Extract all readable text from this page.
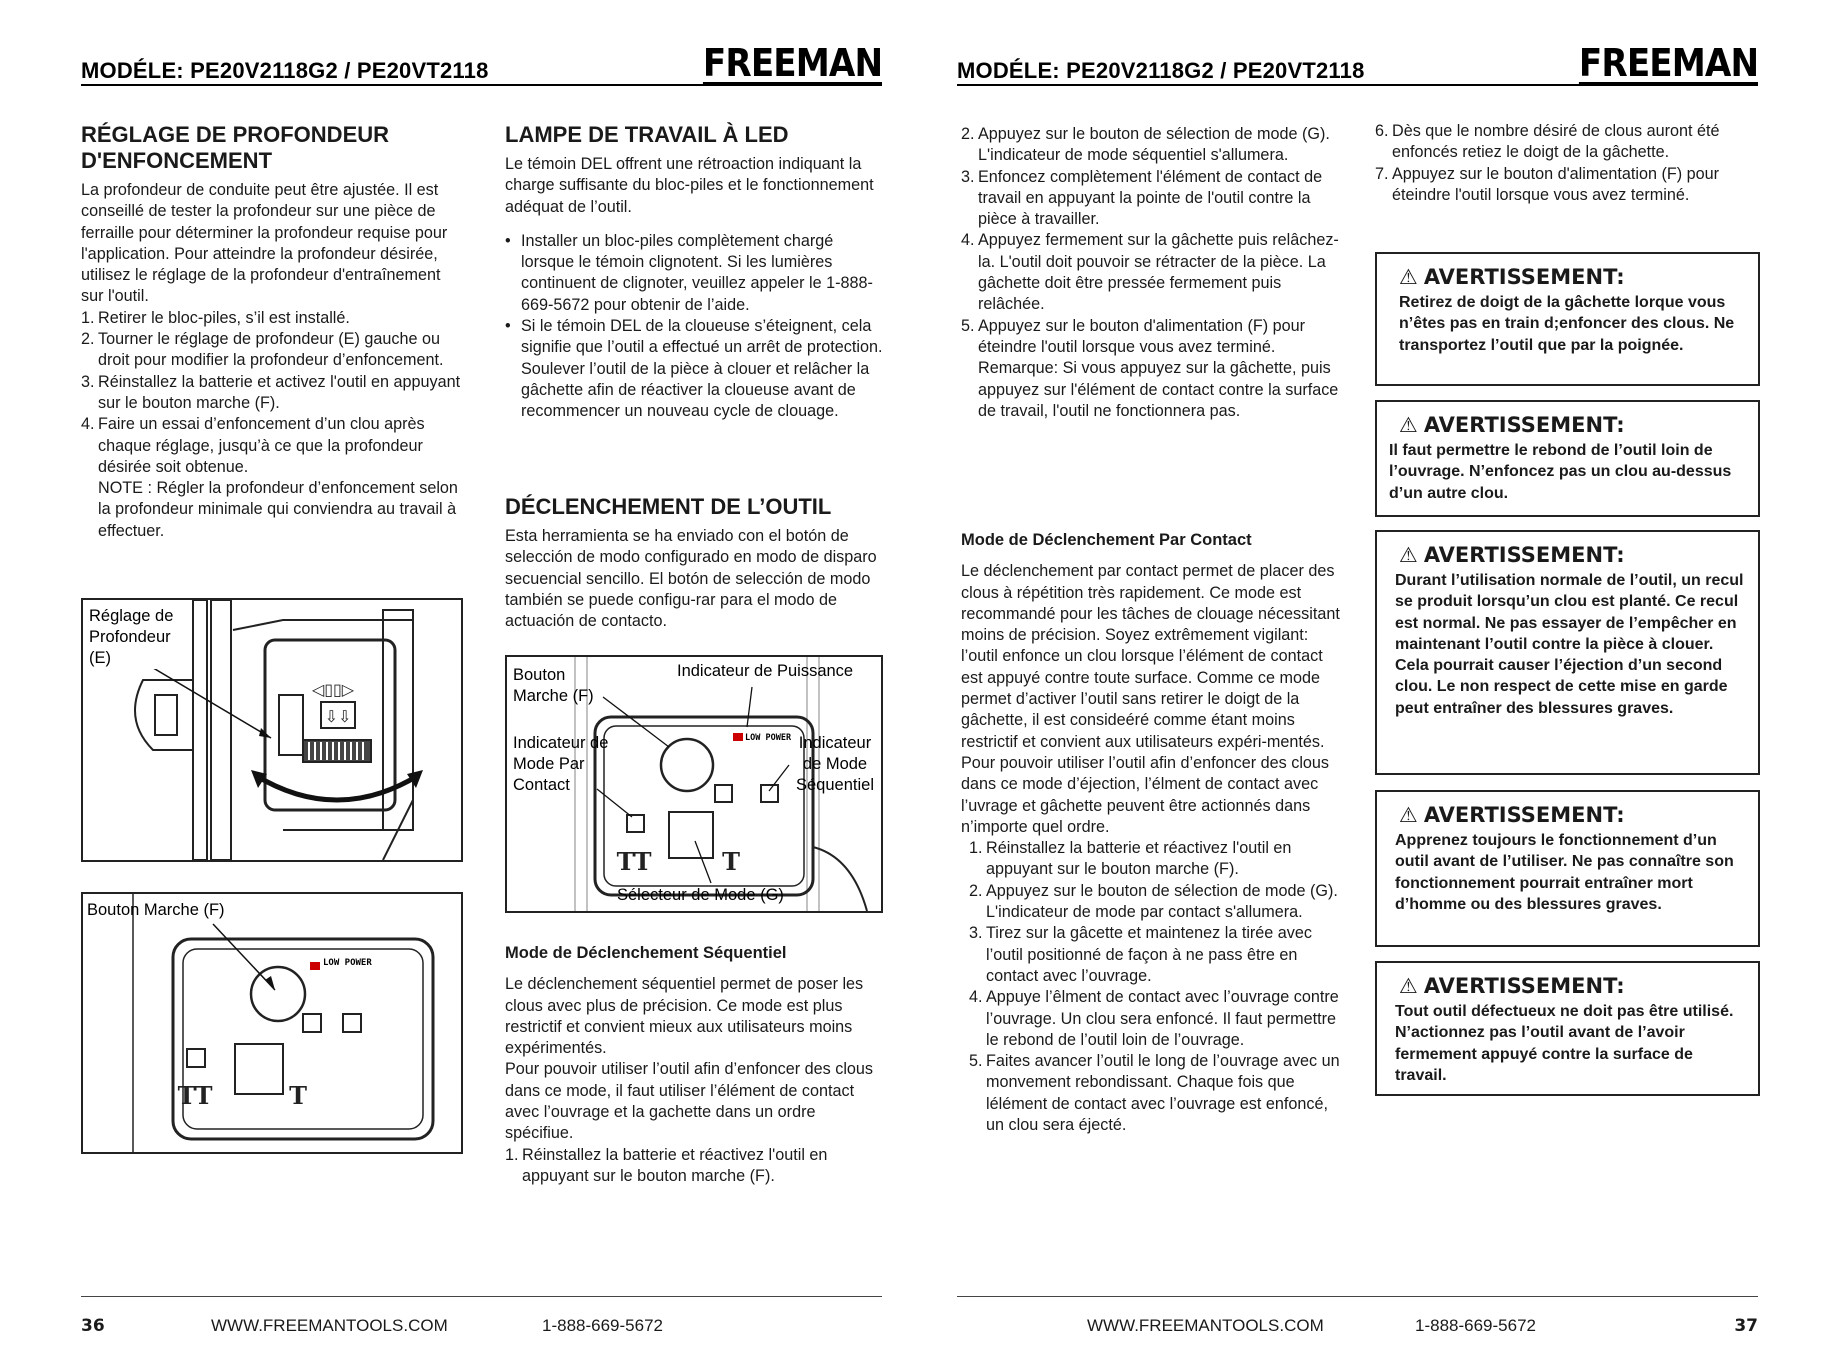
MODÉLE: PE20V2118G2 / PE20VT2118	FREEMAN
RÉGLAGE DE PROFONDEUR D'ENFONCEMENT

La profondeur de conduite peut être ajustée. Il est conseillé de tester la profondeur sur une pièce de ferraille pour déterminer la profondeur requise pour l'application. Pour atteindre la profondeur désirée, utilisez le réglage de la profondeur d'entraînement sur l'outil.

1. Retirer le bloc-piles, s’il est installé.
2. Tourner le réglage de profondeur (E) gauche ou droit pour modifier la profondeur d’enfoncement.
3. Réinstallez la batterie et activez l'outil en appuyant sur le bouton marche (F).
4. Faire un essai d’enfoncement d’un clou après chaque réglage, jusqu’à ce que la profondeur désirée soit obtenue.
NOTE : Régler la profondeur d’enfoncement selon la profondeur minimale qui conviendra au travail à effectuer.
◁▯▯▷
⇩⇩
Réglage de Profondeur (E)
TT	T
Bouton Marche (F)
LOW POWER
LAMPE DE TRAVAIL À LED

Le témoin DEL offrent une rétroaction indiquant la charge suffisante du bloc-piles et le fonctionnement adéquat de l’outil.

• Installer un bloc-piles complètement chargé lorsque le témoin clignotent. Si les lumières continuent de clignoter, veuillez appeler le 1-888-669-5672 pour obtenir de l’aide.
• Si le témoin DEL de la cloueuse s’éteignent, cela signifie que l’outil a effectué un arrêt de protection. Soulever l’outil de la pièce à clouer et relâcher la gâchette afin de réactiver la cloueuse avant de recommencer un nouveau cycle de clouage.
DÉCLENCHEMENT DE L’OUTIL

Esta herramienta se ha enviado con el botón de selección de modo configurado en modo de disparo secuencial sencillo. El botón de selección de modo también se puede configu-rar para el modo de actuación de contacto.

TT	T
Bouton Marche (F)
Indicateur de Puissance
Indicateur de Mode Par Contact
Indicateur de Mode Séquentiel
Sélecteur de Mode (G)
LOW POWER
Mode de Déclenchement Séquentiel

Le déclenchement séquentiel permet de poser les clous avec plus de précision. Ce mode est plus restrictif et convient mieux aux utilisateurs moins expérimentés.

Pour pouvoir utiliser l’outil afin d’enfoncer des clous dans ce mode, il faut utiliser l’élément de contact avec l’ouvrage et la gachette dans un ordre spécifiue.

1. Réinstallez la batterie et réactivez l'outil en appuyant sur le bouton marche (F).
36	WWW.FREEMANTOOLS.COM	1-888-669-5672
MODÉLE: PE20V2118G2 / PE20VT2118	FREEMAN
2. Appuyez sur le bouton de sélection de mode (G). L'indicateur de mode séquentiel s'allumera.
3. Enfoncez complètement l'élément de contact de travail en appuyant la pointe de l'outil contre la pièce à travailler.
4. Appuyez fermement sur la gâchette puis relâchez-la. L'outil doit pouvoir se rétracter de la pièce. La gâchette doit être pressée fermement puis relâchée.
5. Appuyez sur le bouton d'alimentation (F) pour éteindre l'outil lorsque vous avez terminé.
Remarque: Si vous appuyez sur la gâchette, puis appuyez sur l'élément de contact contre la surface de travail, l'outil ne fonctionnera pas.
Mode de Déclenchement Par Contact

Le déclenchement par contact permet de placer des clous à répétition très rapidement. Ce mode est recommandé pour les tâches de clouage nécessitant moins de précision. Soyez extrêmement vigilant: l’outil enfonce un clou lorsque l’élément de contact est appuyé contre toute surface. Comme ce mode permet d’activer l’outil sans retirer le doigt de la gâchette, il est consideéré comme étant moins restrictif et convient aux utilisateurs expéri-mentés.

Pour pouvoir utiliser l’outil afin d’enfoncer des clous dans ce mode d’éjection, l’élment de contact avec l’uvrage et gâchette peuvent être actionnés dans n’importe quel ordre.

1. Réinstallez la batterie et réactivez l'outil en appuyant sur le bouton marche (F).
2. Appuyez sur le bouton de sélection de mode (G). L'indicateur de mode par contact s'allumera.
3. Tirez sur la gâcette et maintenez la tirée avec l’outil positionné de façon à ne pass être en contact avec l’ouvrage.
4. Appuye l’êlment de contact avec l’ouvrage contre l’ouvrage. Un clou sera enfoncé. Il faut permettre le rebond de l’outil loin de l’ouvrage.
5. Faites avancer l’outil le long de l’ouvrage avec un monvement rebondissant. Chaque fois que lélément de contact avec l’ouvrage est enfoncé, un clou sera éjecté.
6. Dès que le nombre désiré de clous auront été enfoncés retiez le doigt de la gâchette.
7. Appuyez sur le bouton d'alimentation (F) pour éteindre l'outil lorsque vous avez terminé.
⚠ AVERTISSEMENT:
Retirez de doigt de la gâchette lorque vous n’êtes pas en train d;enfoncer des clous. Ne transportez l’outil que par la poignée.
⚠ AVERTISSEMENT:
Il faut permettre le rebond de l’outil loin de l’ouvrage. N’enfoncez pas un clou au-dessus d’un autre clou.
⚠ AVERTISSEMENT:
Durant l’utilisation normale de l’outil, un recul se produit lorsqu’un clou est planté. Ce recul est normal. Ne pas essayer de l’empêcher en maintenant l’outil contre la pièce à clouer. Cela pourrait causer l’éjection d’un second clou. Le non respect de cette mise en garde peut entraîner des blessures graves.
⚠ AVERTISSEMENT:
Apprenez toujours le fonctionnement d’un outil avant de l’utiliser. Ne pas connaître son fonctionnement pourrait entraîner mort d’homme ou des blessures graves.
⚠ AVERTISSEMENT:
Tout outil défectueux ne doit pas être utilisé. N’actionnez pas l’outil avant de l’avoir fermement appuyé contre la surface de travail.
WWW.FREEMANTOOLS.COM	1-888-669-5672	37
